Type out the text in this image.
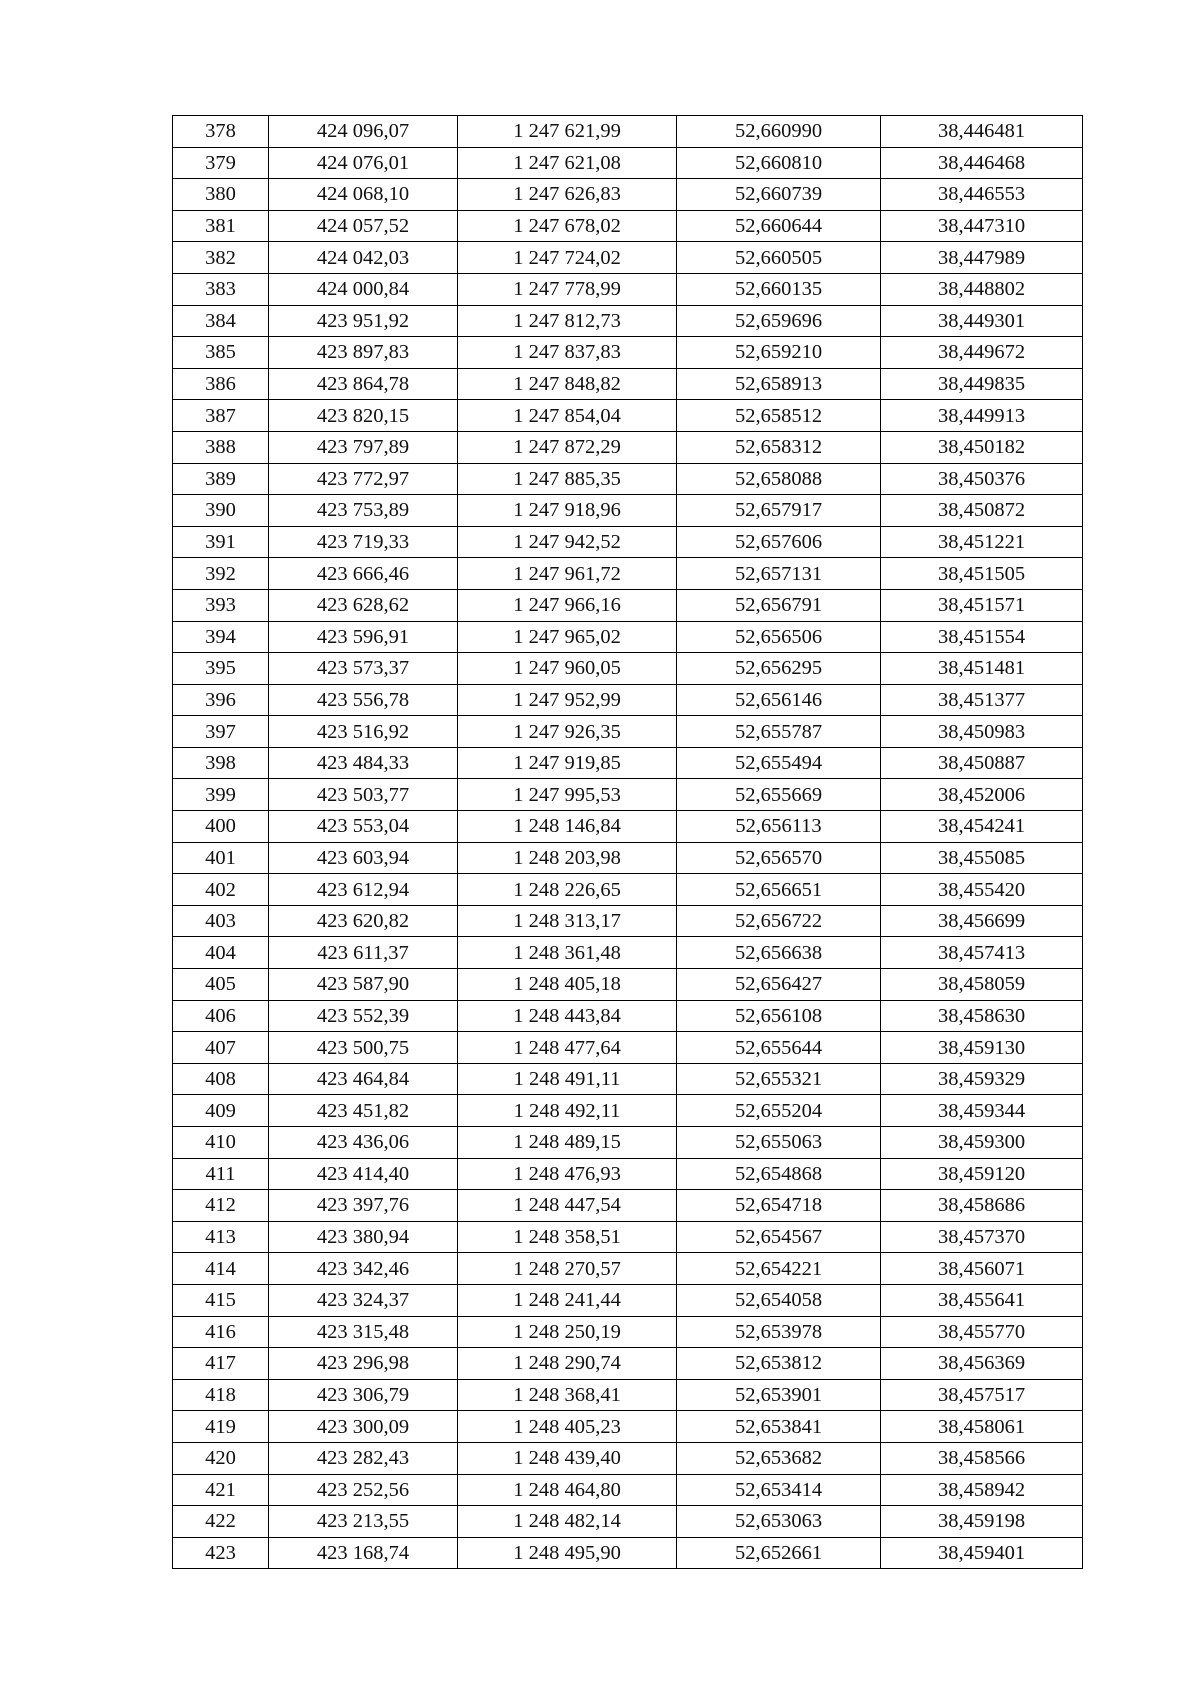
378	424 096,07	1 247 621,99	52,660990	38,446481
379	424 076,01	1 247 621,08	52,660810	38,446468
380	424 068,10	1 247 626,83	52,660739	38,446553
381	424 057,52	1 247 678,02	52,660644	38,447310
382	424 042,03	1 247 724,02	52,660505	38,447989
383	424 000,84	1 247 778,99	52,660135	38,448802
384	423 951,92	1 247 812,73	52,659696	38,449301
385	423 897,83	1 247 837,83	52,659210	38,449672
386	423 864,78	1 247 848,82	52,658913	38,449835
387	423 820,15	1 247 854,04	52,658512	38,449913
388	423 797,89	1 247 872,29	52,658312	38,450182
389	423 772,97	1 247 885,35	52,658088	38,450376
390	423 753,89	1 247 918,96	52,657917	38,450872
391	423 719,33	1 247 942,52	52,657606	38,451221
392	423 666,46	1 247 961,72	52,657131	38,451505
393	423 628,62	1 247 966,16	52,656791	38,451571
394	423 596,91	1 247 965,02	52,656506	38,451554
395	423 573,37	1 247 960,05	52,656295	38,451481
396	423 556,78	1 247 952,99	52,656146	38,451377
397	423 516,92	1 247 926,35	52,655787	38,450983
398	423 484,33	1 247 919,85	52,655494	38,450887
399	423 503,77	1 247 995,53	52,655669	38,452006
400	423 553,04	1 248 146,84	52,656113	38,454241
401	423 603,94	1 248 203,98	52,656570	38,455085
402	423 612,94	1 248 226,65	52,656651	38,455420
403	423 620,82	1 248 313,17	52,656722	38,456699
404	423 611,37	1 248 361,48	52,656638	38,457413
405	423 587,90	1 248 405,18	52,656427	38,458059
406	423 552,39	1 248 443,84	52,656108	38,458630
407	423 500,75	1 248 477,64	52,655644	38,459130
408	423 464,84	1 248 491,11	52,655321	38,459329
409	423 451,82	1 248 492,11	52,655204	38,459344
410	423 436,06	1 248 489,15	52,655063	38,459300
411	423 414,40	1 248 476,93	52,654868	38,459120
412	423 397,76	1 248 447,54	52,654718	38,458686
413	423 380,94	1 248 358,51	52,654567	38,457370
414	423 342,46	1 248 270,57	52,654221	38,456071
415	423 324,37	1 248 241,44	52,654058	38,455641
416	423 315,48	1 248 250,19	52,653978	38,455770
417	423 296,98	1 248 290,74	52,653812	38,456369
418	423 306,79	1 248 368,41	52,653901	38,457517
419	423 300,09	1 248 405,23	52,653841	38,458061
420	423 282,43	1 248 439,40	52,653682	38,458566
421	423 252,56	1 248 464,80	52,653414	38,458942
422	423 213,55	1 248 482,14	52,653063	38,459198
423	423 168,74	1 248 495,90	52,652661	38,459401
